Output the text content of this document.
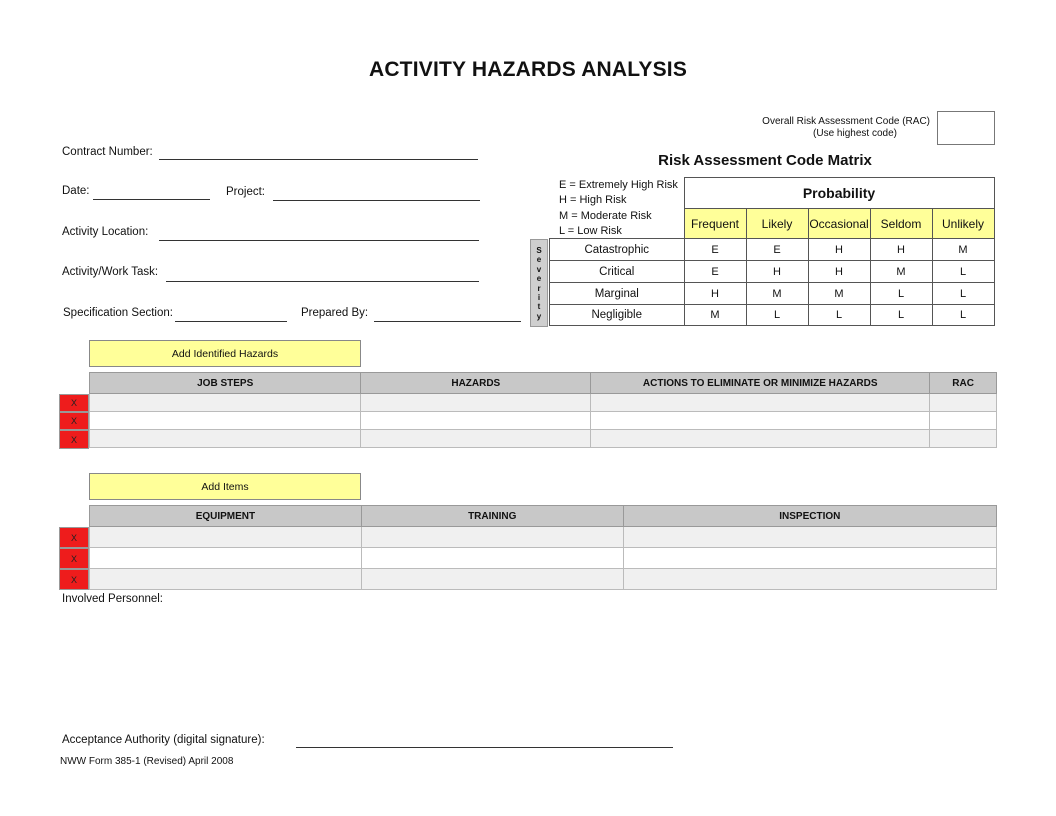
ACTIVITY HAZARDS ANALYSIS
Overall Risk Assessment Code (RAC)
(Use highest code)
Contract Number:
Date:	Project:
Activity Location:
Activity/Work Task:
Specification Section:	Prepared By:
Risk Assessment Code Matrix
E = Extremely High Risk
H = High Risk
M = Moderate Risk
L = Low Risk
	Probability				
	Frequent	Likely	Occasional	Seldom	Unlikely
Catastrophic	E	E	H	H	M
Critical	E	H	H	M	L
Marginal	H	M	M	L	L
Negligible	M	L	L	L	L
S
e
v
e
r
i
t
y
Add Identified Hazards
JOB STEPS	HAZARDS	ACTIONS TO ELIMINATE OR MINIMIZE HAZARDS	RAC

X
X
X
Add Items
EQUIPMENT	TRAINING	INSPECTION

X
X
X
Involved Personnel:
Acceptance Authority (digital signature):
NWW Form 385-1 (Revised) April 2008
